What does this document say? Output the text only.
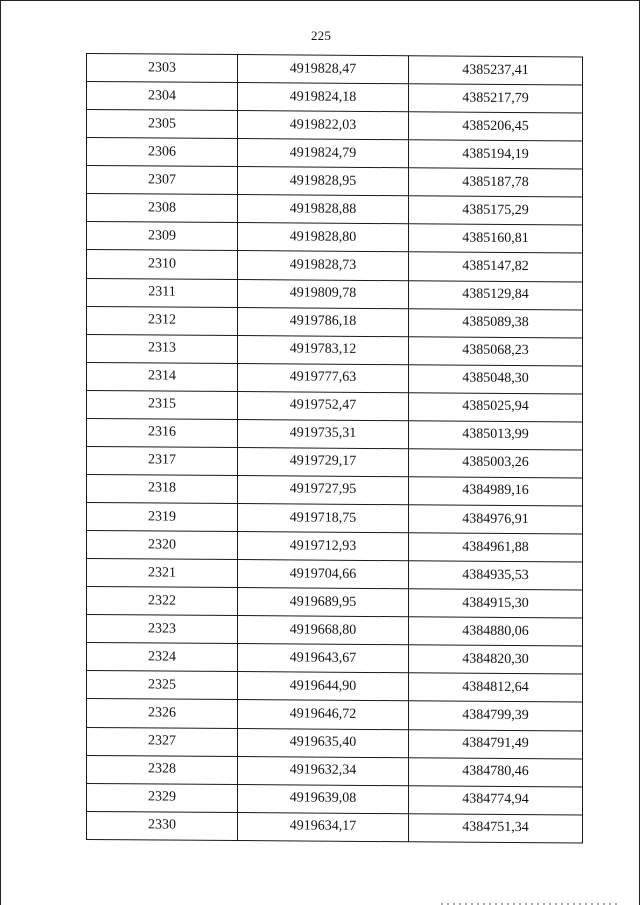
225
2303	4919828,47	4385237,41
2304	4919824,18	4385217,79
2305	4919822,03	4385206,45
2306	4919824,79	4385194,19
2307	4919828,95	4385187,78
2308	4919828,88	4385175,29
2309	4919828,80	4385160,81
2310	4919828,73	4385147,82
2311	4919809,78	4385129,84
2312	4919786,18	4385089,38
2313	4919783,12	4385068,23
2314	4919777,63	4385048,30
2315	4919752,47	4385025,94
2316	4919735,31	4385013,99
2317	4919729,17	4385003,26
2318	4919727,95	4384989,16
2319	4919718,75	4384976,91
2320	4919712,93	4384961,88
2321	4919704,66	4384935,53
2322	4919689,95	4384915,30
2323	4919668,80	4384880,06
2324	4919643,67	4384820,30
2325	4919644,90	4384812,64
2326	4919646,72	4384799,39
2327	4919635,40	4384791,49
2328	4919632,34	4384780,46
2329	4919639,08	4384774,94
2330	4919634,17	4384751,34
